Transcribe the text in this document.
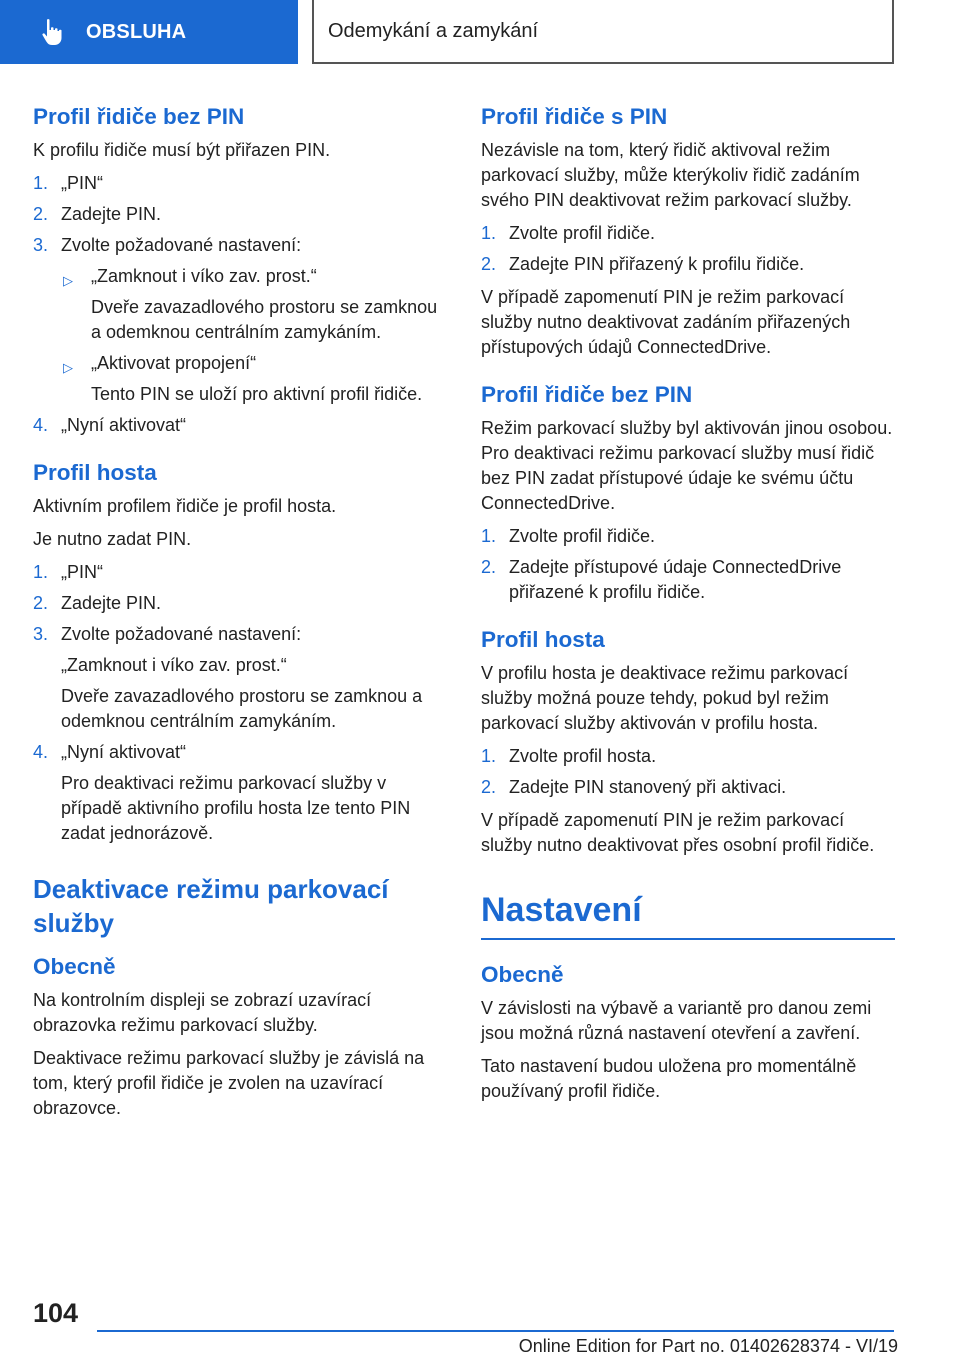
OBSLUHA	Odemykání a zamykání
Profil řidiče bez PIN

K profilu řidiče musí být přiřazen PIN.

1. „PIN“
2. Zadejte PIN.
3. Zvolte požadované nastavení:
▷ „Zamknout i víko zav. prost.“
Dveře zavazadlového prostoru se zamknou a odemknou centrálním zamykáním.
▷ „Aktivovat propojení“
Tento PIN se uloží pro aktivní profil řidiče.
4. „Nyní aktivovat“
Profil hosta

Aktivním profilem řidiče je profil hosta.

Je nutno zadat PIN.

1. „PIN“
2. Zadejte PIN.
3. Zvolte požadované nastavení:
„Zamknout i víko zav. prost.“
Dveře zavazadlového prostoru se zamknou a odemknou centrálním zamykáním.
4. „Nyní aktivovat“
Pro deaktivaci režimu parkovací služby v případě aktivního profilu hosta lze tento PIN zadat jednorázově.
Deaktivace režimu parkovací služby
Obecně

Na kontrolním displeji se zobrazí uzavírací obrazovka režimu parkovací služby.

Deaktivace režimu parkovací služby je závislá na tom, který profil řidiče je zvolen na uzavírací obrazovce.

Profil řidiče s PIN

Nezávisle na tom, který řidič aktivoval režim parkovací služby, může kterýkoliv řidič zadáním svého PIN deaktivovat režim parkovací služby.

1. Zvolte profil řidiče.
2. Zadejte PIN přiřazený k profilu řidiče.

V případě zapomenutí PIN je režim parkovací služby nutno deaktivovat zadáním přiřazených přístupových údajů ConnectedDrive.

Profil řidiče bez PIN

Režim parkovací služby byl aktivován jinou osobou. Pro deaktivaci režimu parkovací služby musí řidič bez PIN zadat přístupové údaje ke svému účtu ConnectedDrive.

1. Zvolte profil řidiče.
2. Zadejte přístupové údaje ConnectedDrive přiřazené k profilu řidiče.
Profil hosta

V profilu hosta je deaktivace režimu parkovací služby možná pouze tehdy, pokud byl režim parkovací služby aktivován v profilu hosta.

1. Zvolte profil hosta.
2. Zadejte PIN stanovený při aktivaci.

V případě zapomenutí PIN je režim parkovací služby nutno deaktivovat přes osobní profil řidiče.

Nastavení
Obecně

V závislosti na výbavě a variantě pro danou zemi jsou možná různá nastavení otevření a zavření.

Tato nastavení budou uložena pro momentálně používaný profil řidiče.

104
Online Edition for Part no. 01402628374 - VI/19
